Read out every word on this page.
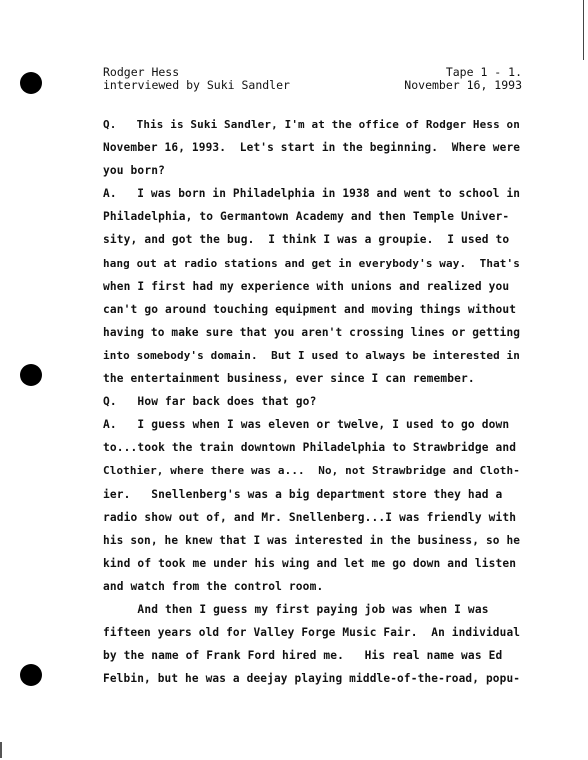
Rodger Hess	Tape 1 - 1.
interviewed by Suki Sandler	November 16, 1993
Q.   This is Suki Sandler, I'm at the office of Rodger Hess on
November 16, 1993.  Let's start in the beginning.  Where were
you born?
A.   I was born in Philadelphia in 1938 and went to school in
Philadelphia, to Germantown Academy and then Temple Univer-
sity, and got the bug.  I think I was a groupie.  I used to
hang out at radio stations and get in everybody's way.  That's
when I first had my experience with unions and realized you
can't go around touching equipment and moving things without
having to make sure that you aren't crossing lines or getting
into somebody's domain.  But I used to always be interested in
the entertainment business, ever since I can remember.
Q.   How far back does that go?
A.   I guess when I was eleven or twelve, I used to go down
to...took the train downtown Philadelphia to Strawbridge and
Clothier, where there was a...  No, not Strawbridge and Cloth-
ier.   Snellenberg's was a big department store they had a
radio show out of, and Mr. Snellenberg...I was friendly with
his son, he knew that I was interested in the business, so he
kind of took me under his wing and let me go down and listen
and watch from the control room.
And then I guess my first paying job was when I was
fifteen years old for Valley Forge Music Fair.  An individual
by the name of Frank Ford hired me.   His real name was Ed
Felbin, but he was a deejay playing middle-of-the-road, popu-
